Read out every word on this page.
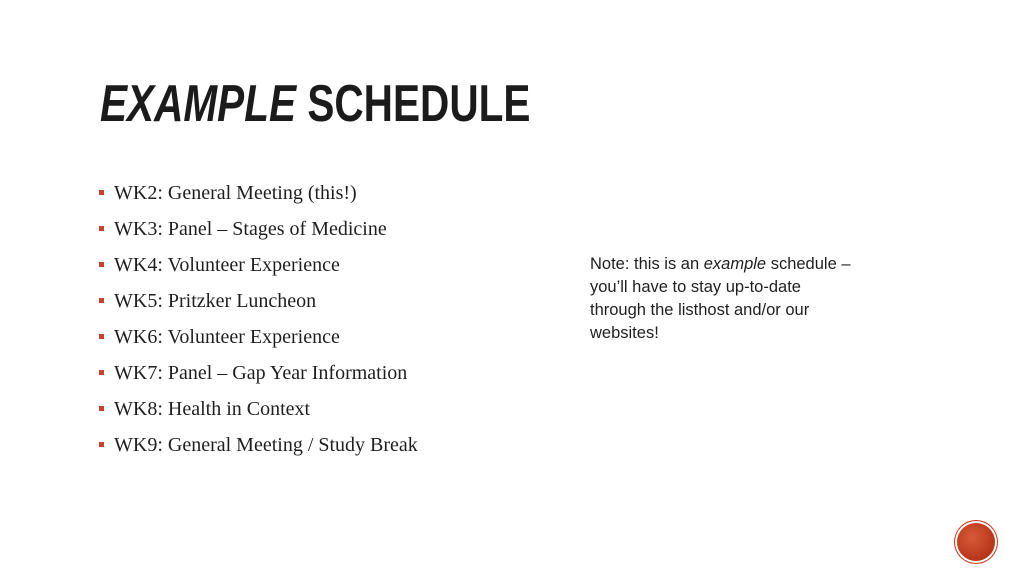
EXAMPLE SCHEDULE
WK2: General Meeting (this!)
WK3: Panel – Stages of Medicine
WK4: Volunteer Experience
WK5: Pritzker Luncheon
WK6: Volunteer Experience
WK7: Panel – Gap Year Information
WK8: Health in Context
WK9: General Meeting / Study Break
Note: this is an example schedule – you’ll have to stay up-to-date through the listhost and/or our websites!
